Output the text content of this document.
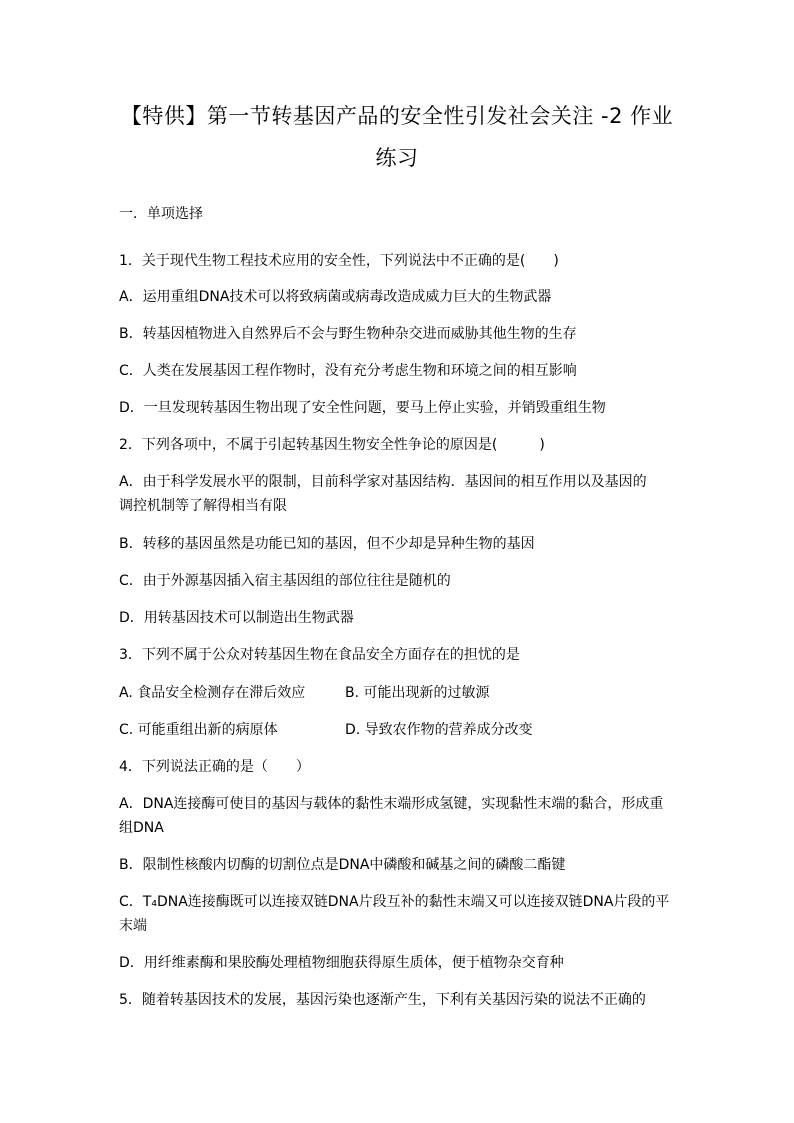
【特供】第一节转基因产品的安全性引发社会关注 -2 作业
练习
一．单项选择
1．关于现代生物工程技术应用的安全性，下列说法中不正确的是(　　)
A．运用重组DNA技术可以将致病菌或病毒改造成威力巨大的生物武器
B．转基因植物进入自然界后不会与野生物种杂交进而威胁其他生物的生存
C．人类在发展基因工程作物时，没有充分考虑生物和环境之间的相互影响
D．一旦发现转基因生物出现了安全性问题，要马上停止实验，并销毁重组生物
2．下列各项中，不属于引起转基因生物安全性争论的原因是(　　　)
A．由于科学发展水平的限制，目前科学家对基因结构．基因间的相互作用以及基因的
调控机制等了解得相当有限
B．转移的基因虽然是功能已知的基因，但不少却是异种生物的基因
C．由于外源基因插入宿主基因组的部位往往是随机的
D．用转基因技术可以制造出生物武器
3．下列不属于公众对转基因生物在食品安全方面存在的担忧的是
A. 食品安全检测存在滞后效应	B. 可能出现新的过敏源
C. 可能重组出新的病原体	D. 导致农作物的营养成分改变
4．下列说法正确的是（　　）
A．DNA连接酶可使目的基因与载体的黏性末端形成氢键，实现黏性末端的黏合，形成重
组DNA
B．限制性核酸内切酶的切割位点是DNA中磷酸和碱基之间的磷酸二酯键
C．T₄DNA连接酶既可以连接双链DNA片段互补的黏性末端又可以连接双链DNA片段的平
末端
D．用纤维素酶和果胶酶处理植物细胞获得原生质体，便于植物杂交育种
5．随着转基因技术的发展，基因污染也逐渐产生，下利有关基因污染的说法不正确的
